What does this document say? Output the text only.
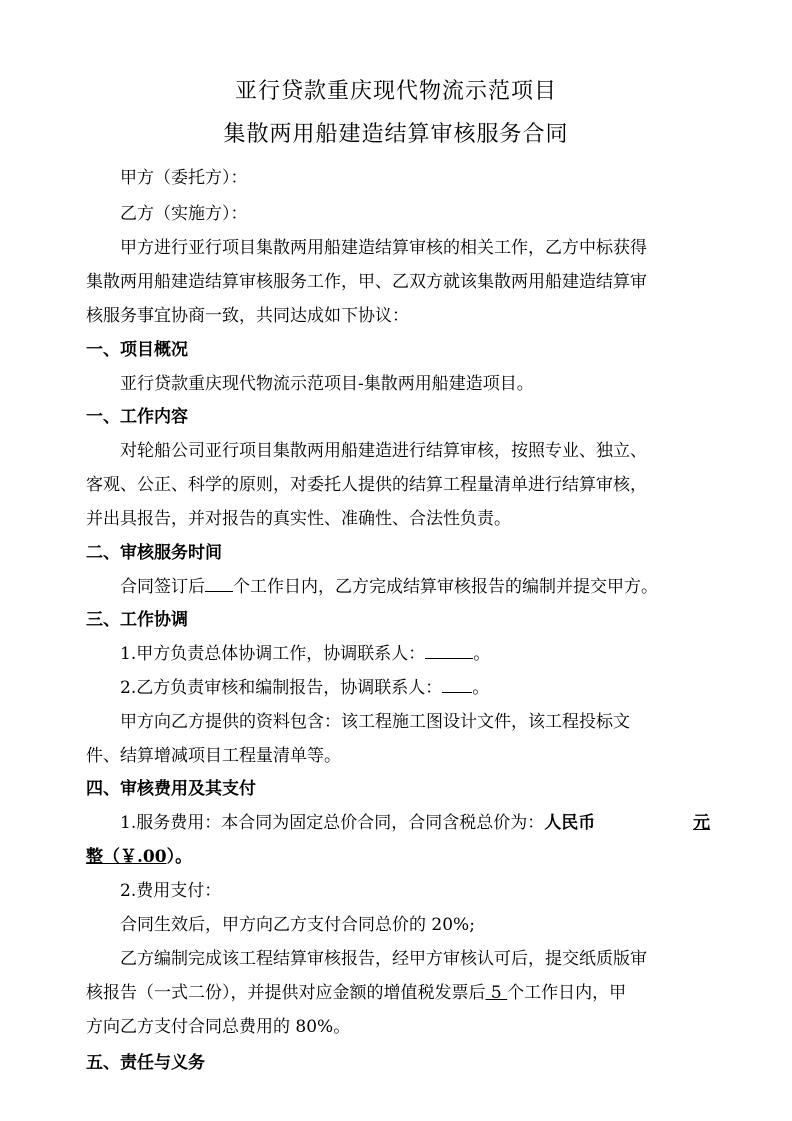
亚行贷款重庆现代物流示范项目
集散两用船建造结算审核服务合同
甲方（委托方）：
乙方（实施方）：
甲方进行亚行项目集散两用船建造结算审核的相关工作，乙方中标获得
集散两用船建造结算审核服务工作，甲、乙双方就该集散两用船建造结算审
核服务事宜协商一致，共同达成如下协议：
一、项目概况
亚行贷款重庆现代物流示范项目-集散两用船建造项目。
一、工作内容
对轮船公司亚行项目集散两用船建造进行结算审核，按照专业、独立、
客观、公正、科学的原则，对委托人提供的结算工程量清单进行结算审核，
并出具报告，并对报告的真实性、准确性、合法性负责。
二、审核服务时间
合同签订后 个工作日内，乙方完成结算审核报告的编制并提交甲方。
三、工作协调
1.甲方负责总体协调工作，协调联系人：	。
2.乙方负责审核和编制报告，协调联系人： 。
甲方向乙方提供的资料包含：该工程施工图设计文件，该工程投标文
件、结算增减项目工程量清单等。
四、审核费用及其支付
1.服务费用：本合同为固定总价合同，合同含税总价为：人民币	元
整（￥.00）。
2.费用支付：
合同生效后，甲方向乙方支付合同总价的 20%;
乙方编制完成该工程结算审核报告，经甲方审核认可后，提交纸质版审
核报告（一式二份），并提供对应金额的增值税发票后 5 个工作日内，甲
方向乙方支付合同总费用的 80%。
五、责任与义务
